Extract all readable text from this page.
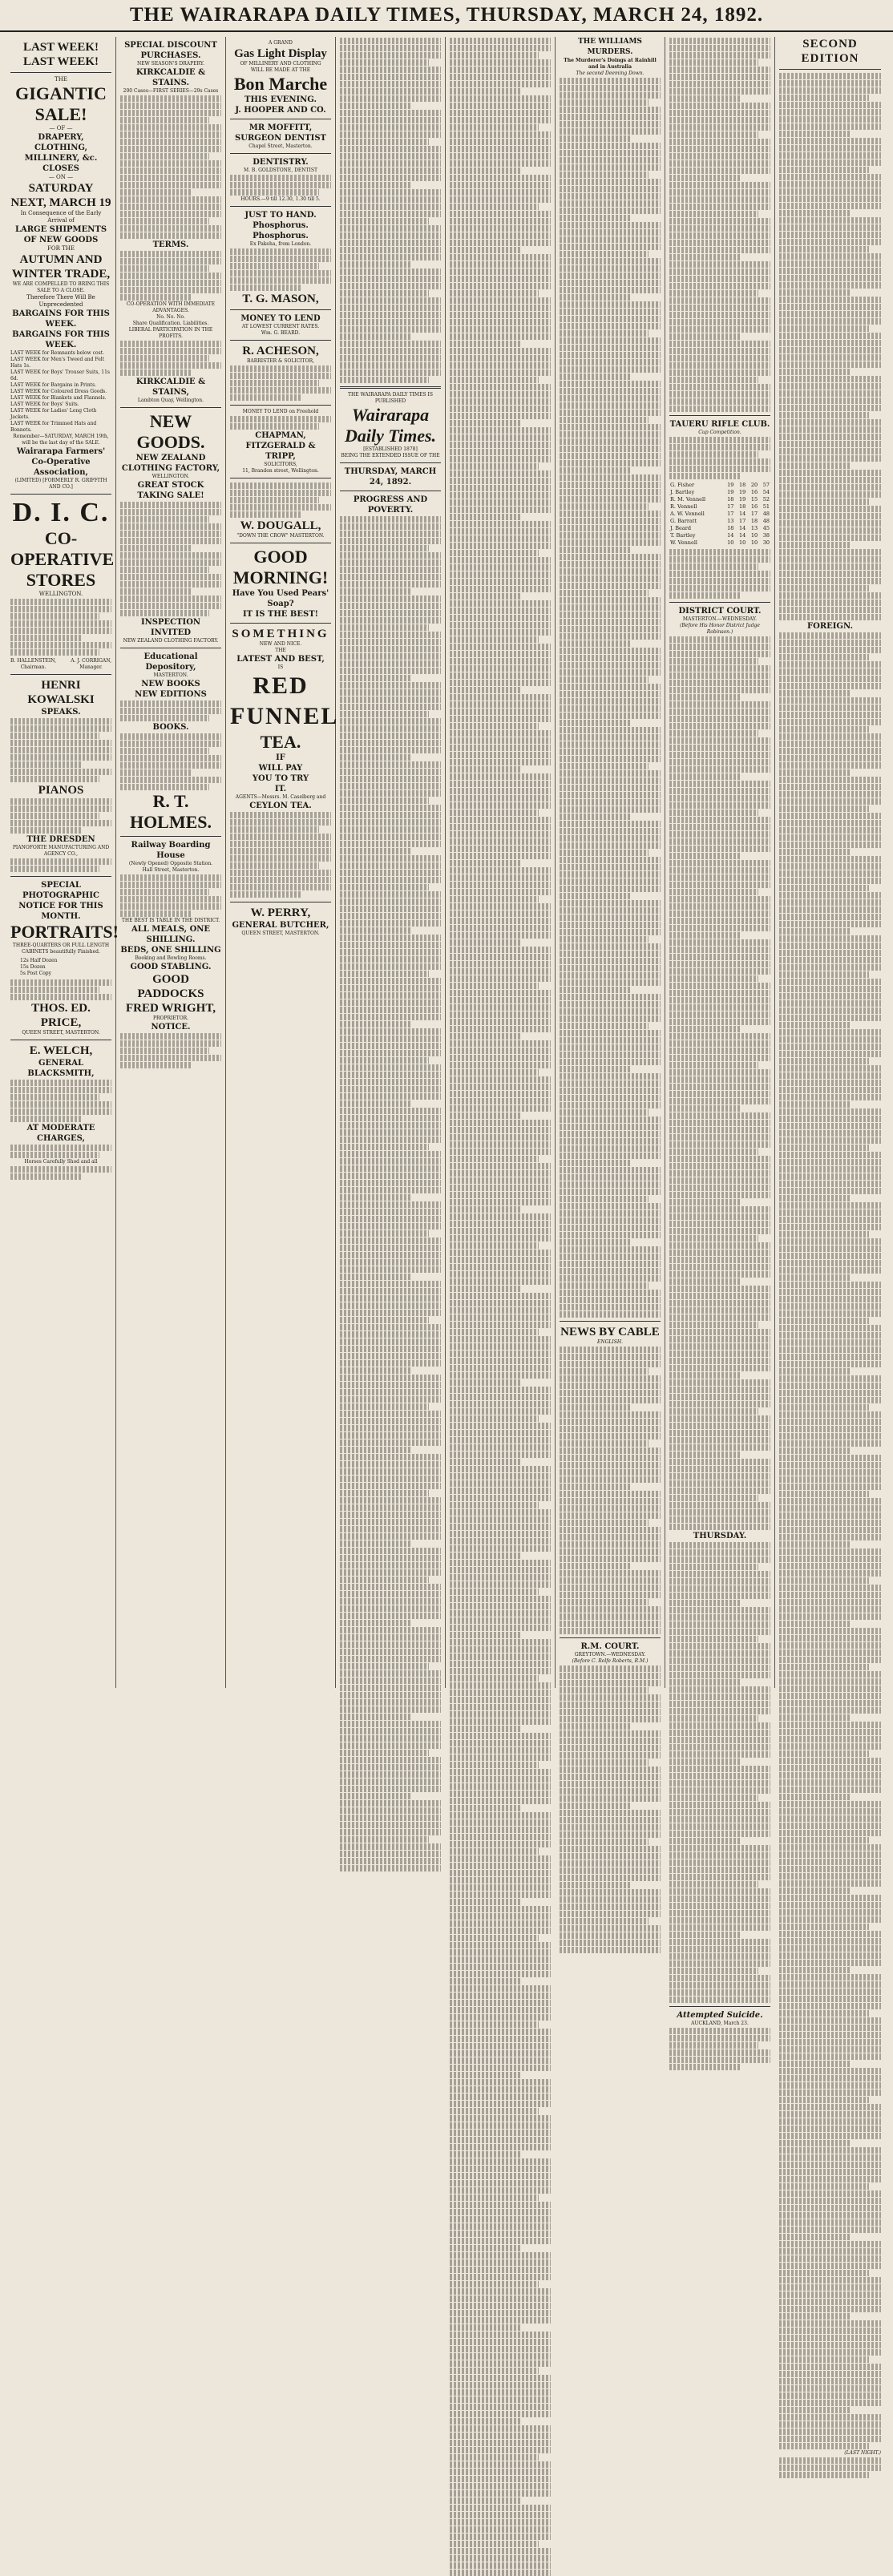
THE WAIRARAPA DAILY TIMES, THURSDAY, MARCH 24, 1892.
LAST WEEK! LAST WEEK!
THE
GIGANTIC SALE!
— OF —
DRAPERY, CLOTHING, MILLINERY, &c.
CLOSES
— ON —
SATURDAY NEXT, MARCH 19
In Consequence of the Early Arrival of
LARGE SHIPMENTS OF NEW GOODS
FOR THE
AUTUMN AND WINTER TRADE,
WE ARE COMPELLED TO BRING THIS SALE TO A CLOSE.
Therefore There Will Be Unprecedented
BARGAINS FOR THIS WEEK.
BARGAINS FOR THIS WEEK.
LAST WEEK for Remnants below cost.
LAST WEEK for Men's Tweed and Felt Hats 1s.
LAST WEEK for Boys' Trouser Suits, 11s 6d.
LAST WEEK for Bargains in Prints.
LAST WEEK for Coloured Dress Goods.
LAST WEEK for Blankets and Flannels.
LAST WEEK for Boys' Suits.
LAST WEEK for Ladies' Long Cloth Jackets.
LAST WEEK for Trimmed Hats and Bonnets.
Remember—SATURDAY, MARCH 19th, will be the last day of the SALE.
Wairarapa Farmers' Co-Operative Association,
(LIMITED) [FORMERLY R. GRIFFITH AND CO.]
D. I. C.
CO-OPERATIVE STORES
WELLINGTON.
B. HALLENSTEIN,
Chairman.
A. J. CORRIGAN,
Manager.
HENRI KOWALSKI
SPEAKS.
PIANOS
THE DRESDEN
PIANOFORTE MANUFACTURING AND AGENCY CO.,
SPECIAL PHOTOGRAPHIC NOTICE FOR THIS MONTH.
PORTRAITS!
THREE-QUARTERS OR FULL LENGTH CABINETS beautifully Finished.
12s Half Dozen
15s Dozen
5s Post Copy
THOS. ED. PRICE,
QUEEN STREET, MASTERTON.
E. WELCH,
GENERAL BLACKSMITH,
AT MODERATE CHARGES,
Horses Carefully Shod and all
SPECIAL DISCOUNT PURCHASES.
NEW SEASON'S DRAPERY.
KIRKCALDIE & STAINS.
200 Cases—FIRST SERIES—29s Cases
TERMS.
CO-OPERATION WITH IMMEDIATE ADVANTAGES.
No. No. No.
Share Qualification. Liabilities.
LIBERAL PARTICIPATION IN THE PROFITS.
KIRKCALDIE & STAINS,
Lambton Quay, Wellington.
NEW GOODS.
NEW ZEALAND CLOTHING FACTORY,
WELLINGTON.
GREAT STOCK TAKING SALE!
INSPECTION INVITED
NEW ZEALAND CLOTHING FACTORY.
Educational Depository,
MASTERTON.
NEW BOOKS
NEW EDITIONS
BOOKS.
R. T. HOLMES.
Railway Boarding House
(Newly Opened) Opposite Station.
Hall Street, Masterton.
THE BEST IS TABLE IN THE DISTRICT.
ALL MEALS, ONE SHILLING.
BEDS, ONE SHILLING
Booking and Bowling Rooms.
GOOD STABLING.
GOOD PADDOCKS
FRED WRIGHT,
PROPRIETOR.
NOTICE.
A GRAND
Gas Light Display
OF MILLINERY AND CLOTHING
WILL BE MADE AT THE
Bon Marche
THIS EVENING.
J. HOOPER AND CO.
MR MOFFITT,
SURGEON DENTIST
Chapel Street, Masterton.
DENTISTRY.
M. B. GOLDSTONE, DENTIST
HOURS.—9 till 12.30, 1.30 till 5.
JUST TO HAND.
Phosphorus. Phosphorus.
Ex Pakeha, from London.
T. G. MASON,
MONEY TO LEND
AT LOWEST CURRENT RATES.
Wm. G. BEARD.
R. ACHESON,
BARRISTER & SOLICITOR,
MONEY TO LEND on Freehold
CHAPMAN, FITZGERALD & TRIPP,
SOLICITORS,
11, Brandon street, Wellington.
W. DOUGALL,
"DOWN THE CROW" MASTERTON.
GOOD MORNING!
Have You Used Pears' Soap?
IT IS THE BEST!
SOMETHING
NEW AND NICE.
THE
LATEST AND BEST,
IS
RED FUNNEL
TEA.
IF
WILL PAY
YOU TO TRY
IT.
AGENTS—Messrs. M. Caselberg and
CEYLON TEA.
W. PERRY,
GENERAL BUTCHER,
QUEEN STREET, MASTERTON.
THE WAIRARAPA DAILY TIMES IS PUBLISHED
Wairarapa Daily Times.
[ESTABLISHED 1878]
BEING THE EXTENDED ISSUE OF THE
THURSDAY, MARCH 24, 1892.
PROGRESS AND POVERTY.
THE WILLIAMS MURDERS.
The Murderer's Doings at Rainhill and in Australia
The second Deeming Down.
NEWS BY CABLE
ENGLISH.
R.M. COURT.
GREYTOWN.—WEDNESDAY.
(Before C. Rolfe Roberts, R.M.)
TAUERU RIFLE CLUB.
Cup Competition.
G. Fisher	19	18	20	57
J. Bartley	19	19	16	54
R. M. Vennell	18	19	15	52
R. Vennell	17	18	16	51
A. W. Vennell	17	14	17	48
G. Barratt	13	17	18	48
J. Beard	18	14	13	45
T. Bartley	14	14	10	38
W. Vennell	10	10	10	30
DISTRICT COURT.
MASTERTON.—WEDNESDAY.
(Before His Honor District Judge Robinson.)
THURSDAY.
Attempted Suicide.
AUCKLAND, March 23.
SECOND EDITION
FOREIGN.
(LAST NIGHT.)
